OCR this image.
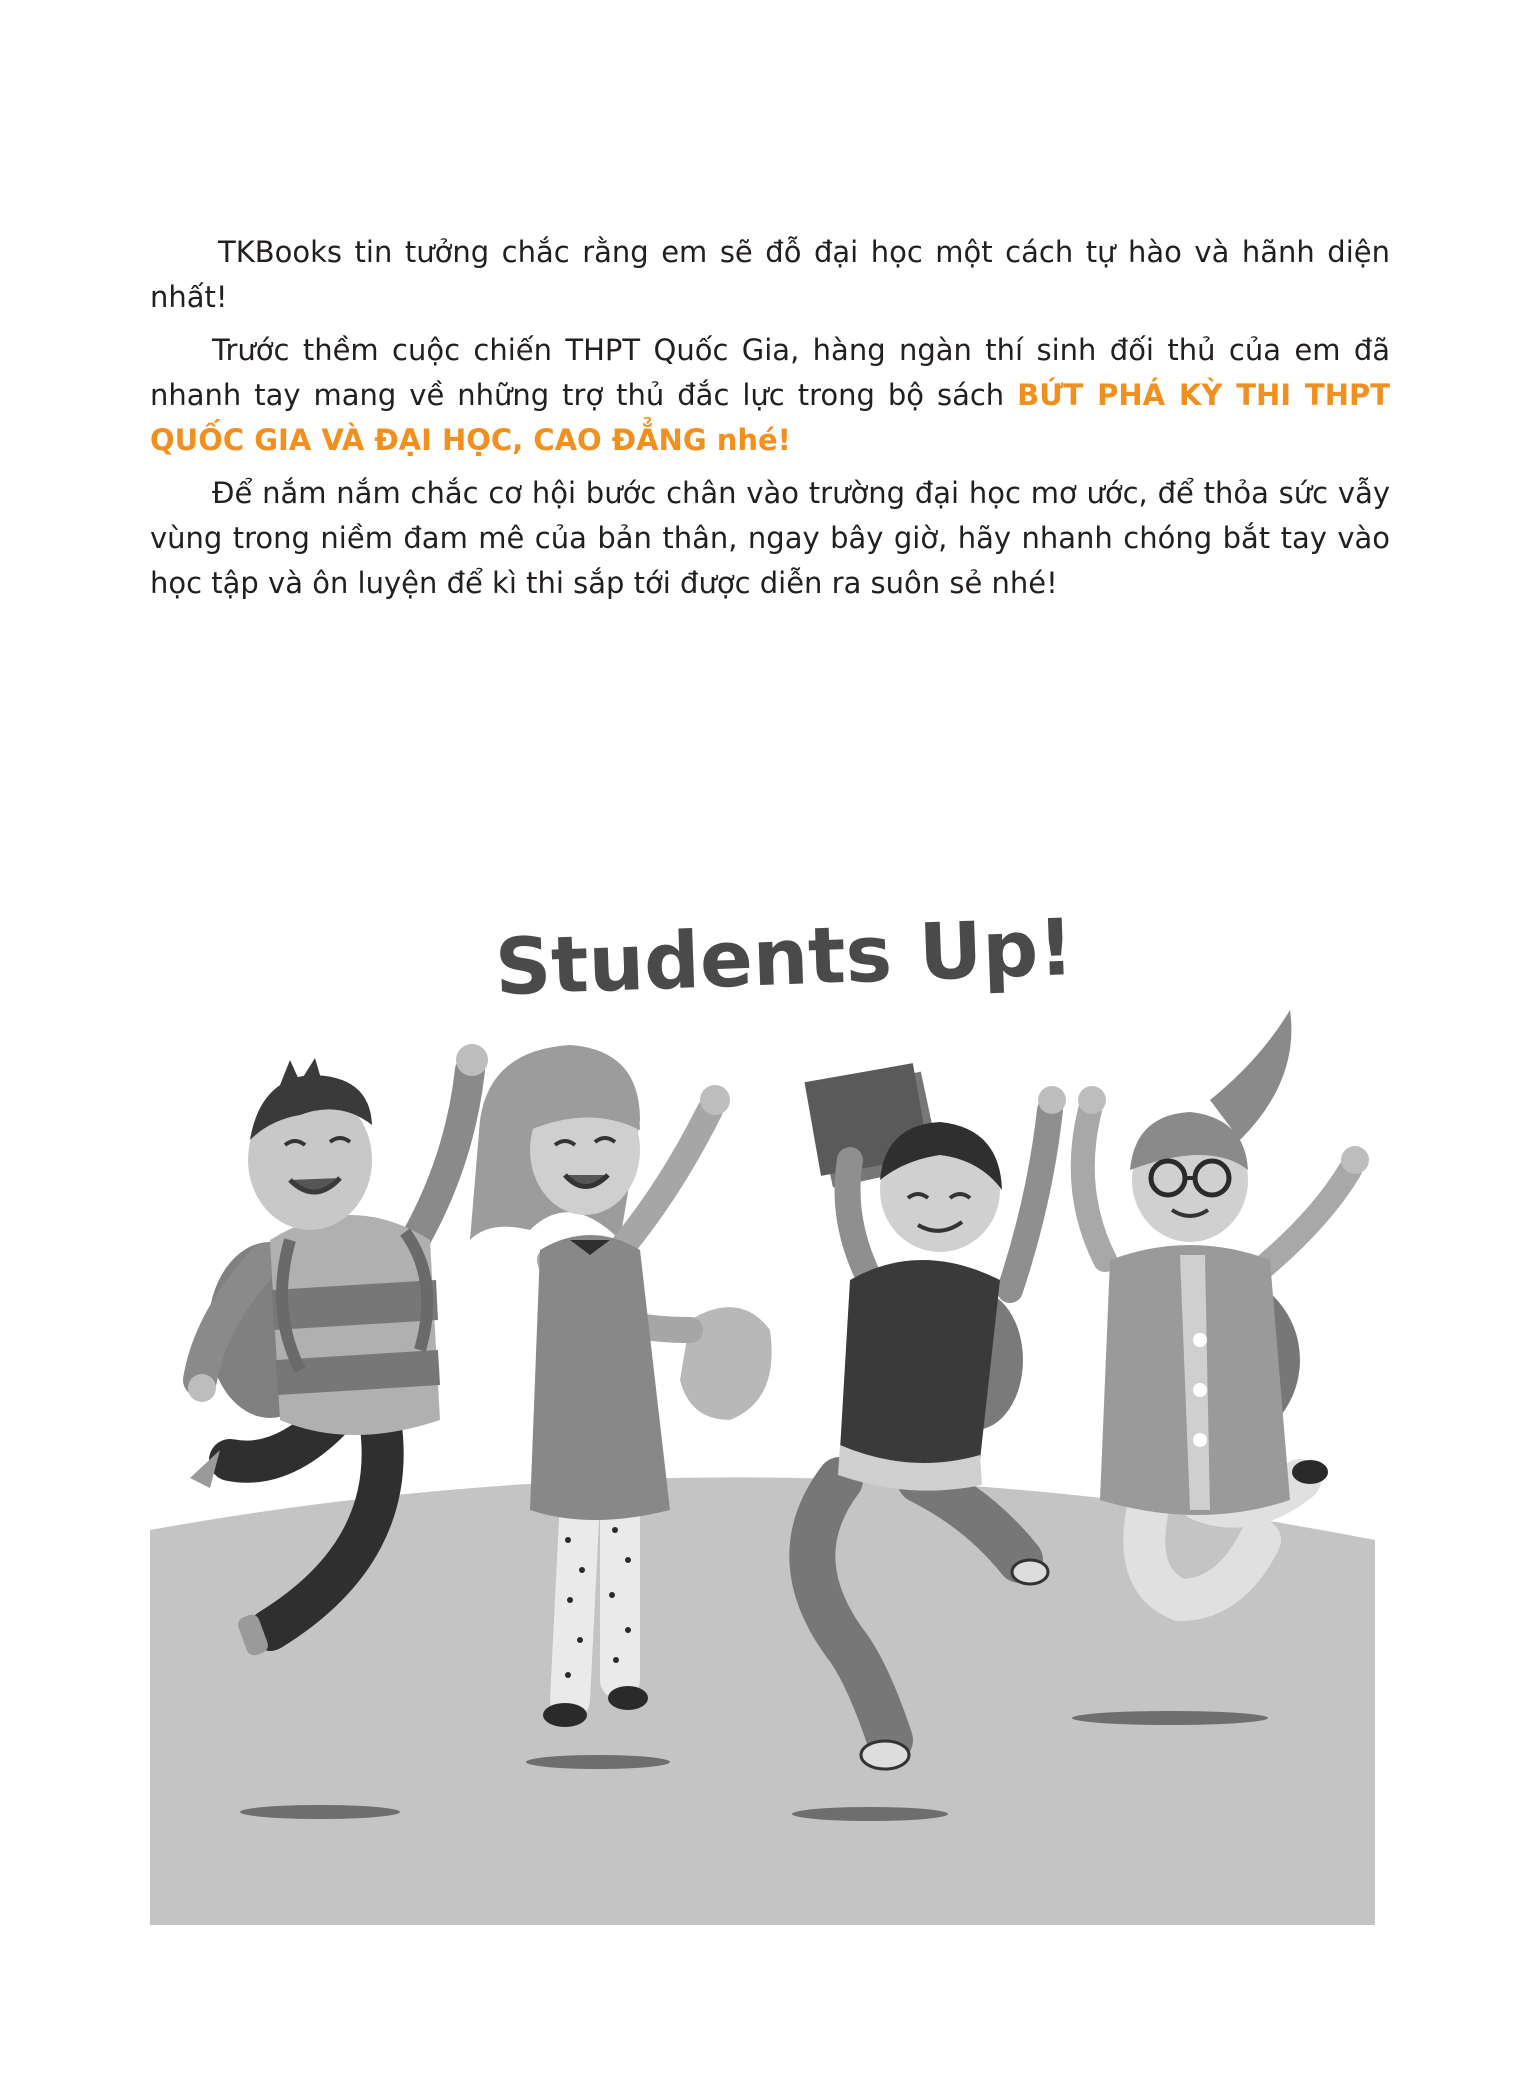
TKBooks tin tưởng chắc rằng em sẽ đỗ đại học một cách tự hào và hãnh diện nhất!

Trước thềm cuộc chiến THPT Quốc Gia, hàng ngàn thí sinh đối thủ của em đã nhanh tay mang về những trợ thủ đắc lực trong bộ sách BỨT PHÁ KỲ THI THPT QUỐC GIA VÀ ĐẠI HỌC, CAO ĐẲNG nhé!

Để nắm nắm chắc cơ hội bước chân vào trường đại học mơ ước, để thỏa sức vẫy vùng trong niềm đam mê của bản thân, ngay bây giờ, hãy nhanh chóng bắt tay vào học tập và ôn luyện để kì thi sắp tới được diễn ra suôn sẻ nhé!

Students Up!
